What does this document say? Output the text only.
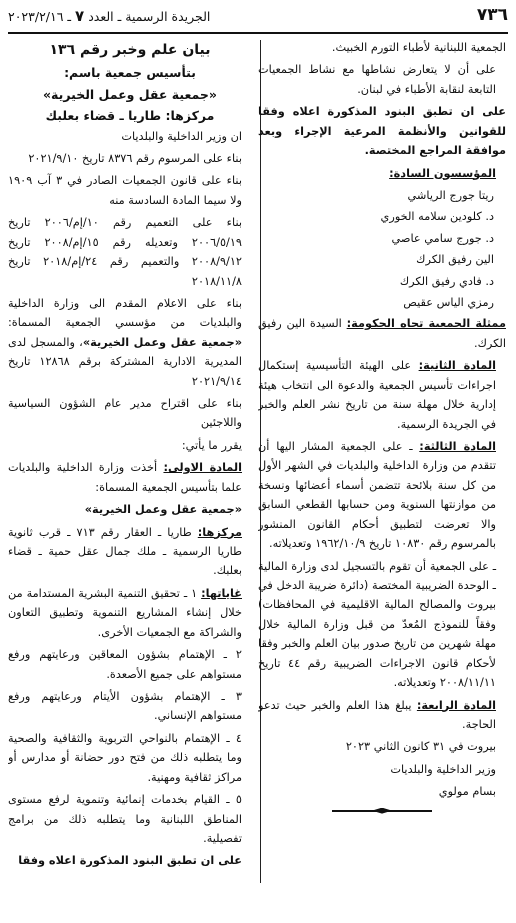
٧٣٦
الجريدة الرسمية ـ العدد ٧ ـ ٢٠٢٣/٢/١٦

الجمعية اللبنانية لأطباء التورم الخبيث.

على أن لا يتعارض نشاطها مع نشاط الجمعيات التابعة لنقابة الأطباء في لبنان.

على ان تطبق البنود المذكورة اعلاه وفقا للقوانين والأنظمة المرعية الإجراء وبعد موافقة المراجع المختصة.

المؤسسون السادة:

ريتا جورج الرياشي

د. كلودين سلامه الخوري

د. جورج سامي عاصي

الين رفيق الكرك

د. فادي رفيق الكرك

رمزي الياس عقيص

ممثلة الجمعية تجاه الحكومة: السيدة الين رفيق الكرك.

المادة الثانية: على الهيئة التأسيسية إستكمال اجراءات تأسيس الجمعية والدعوة الى انتخاب هيئة إدارية خلال مهلة سنة من تاريخ نشر العلم والخبر في الجريدة الرسمية.

المادة الثالثة: ـ على الجمعية المشار اليها أن تتقدم من وزارة الداخلية والبلديات في الشهر الأول من كل سنة بلائحة تتضمن أسماء أعضائها ونسخة من موازنتها السنوية ومن حسابها القطعي السابق والا تعرضت لتطبيق أحكام القانون المنشور بالمرسوم رقم ١٠٨٣٠ تاريخ ١٩٦٢/١٠/٩ وتعديلاته.

ـ على الجمعية أن تقوم بالتسجيل لدى وزارة المالية ـ الوحدة الضريبية المختصة (دائرة ضريبة الدخل في بيروت والمصالح المالية الاقليمية في المحافظات) وفقاً للنموذج المُعدّ من قبل وزارة المالية خلال مهلة شهرين من تاريخ صدور بيان العلم والخبر وفقا لأحكام قانون الاجراءات الضريبية رقم ٤٤ تاريخ ٢٠٠٨/١١/١١ وتعديلاته.

المادة الرابعة: يبلغ هذا العلم والخبر حيث تدعو الحاجة.

بيروت في ٣١ كانون الثاني ٢٠٢٣

وزير الداخلية والبلديات

بسام مولوي

بيان علم وخبر رقم ١٣٦

بتأسيس جمعية باسم:

«جمعية عقل وعمل الخيرية»

مركزها: طاريا ـ قضاء بعلبك

ان وزير الداخلية والبلديات

بناء على المرسوم رقم ٨٣٧٦ تاريخ ٢٠٢١/٩/١٠

بناء على قانون الجمعيات الصادر في ٣ آب ١٩٠٩ ولا سيما المادة السادسة منه

بناء على التعميم رقم ١٠/إم/٢٠٠٦ تاريخ ٢٠٠٦/٥/١٩ وتعديله رقم ١٥/إم/٢٠٠٨ تاريخ ٢٠٠٨/٩/١٢ والتعميم رقم ٢٤/إم/٢٠١٨ تاريخ ٢٠١٨/١١/٨

بناء على الاعلام المقدم الى وزارة الداخلية والبلديات من مؤسسي الجمعية المسماة: «جمعية عقل وعمل الخيرية»، والمسجل لدى المديرية الادارية المشتركة برقم ١٢٨٦٨ تاريخ ٢٠٢١/٩/١٤

بناء على اقتراح مدير عام الشؤون السياسية واللاجئين

يقرر ما يأتي:

المادة الاولى: أخذت وزارة الداخلية والبلديات علما بتأسيس الجمعية المسماة:

«جمعية عقل وعمل الخيرية»

مركزها: طاريا ـ العقار رقم ٧١٣ ـ قرب ثانوية طاريا الرسمية ـ ملك جمال عقل حمية ـ قضاء بعلبك.

غاياتها: ١ ـ تحقيق التنمية البشرية المستدامة من خلال إنشاء المشاريع التنموية وتطبيق التعاون والشراكة مع الجمعيات الأخرى.

٢ ـ الإهتمام بشؤون المعاقين ورعايتهم ورفع مستواهم على جميع الأصعدة.

٣ ـ الإهتمام بشؤون الأيتام ورعايتهم ورفع مستواهم الإنساني.

٤ ـ الإهتمام بالنواحي التربوية والثقافية والصحية وما يتطلبه ذلك من فتح دور حضانة أو مدارس أو مراكز ثقافية ومهنية.

٥ ـ القيام بخدمات إنمائية وتنموية لرفع مستوى المناطق اللبنانية وما يتطلبه ذلك من برامج تفصيلية.

على ان تطبق البنود المذكورة اعلاه وفقا
